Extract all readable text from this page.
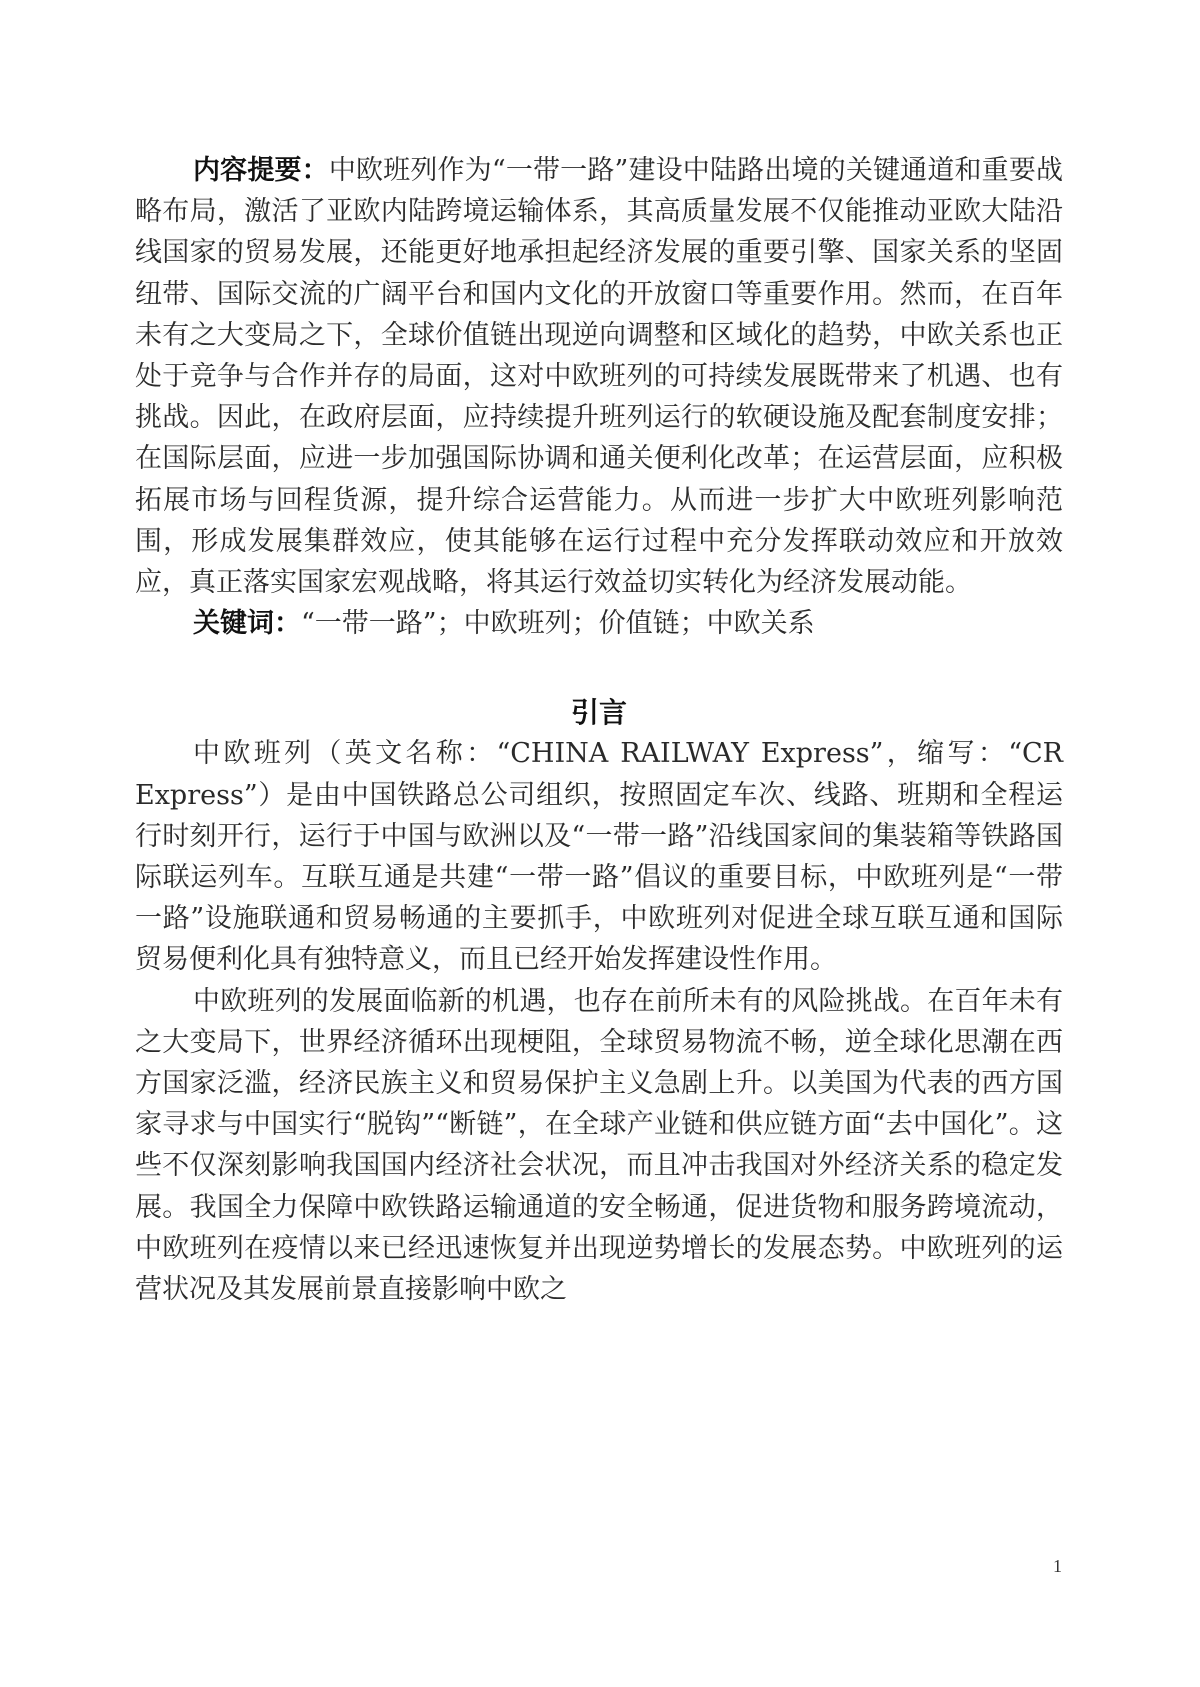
内容提要：中欧班列作为“一带一路”建设中陆路出境的关键通道和重要战略布局，激活了亚欧内陆跨境运输体系，其高质量发展不仅能推动亚欧大陆沿线国家的贸易发展，还能更好地承担起经济发展的重要引擎、国家关系的坚固纽带、国际交流的广阔平台和国内文化的开放窗口等重要作用。然而，在百年未有之大变局之下，全球价值链出现逆向调整和区域化的趋势，中欧关系也正处于竞争与合作并存的局面，这对中欧班列的可持续发展既带来了机遇、也有挑战。因此，在政府层面，应持续提升班列运行的软硬设施及配套制度安排；在国际层面，应进一步加强国际协调和通关便利化改革；在运营层面，应积极拓展市场与回程货源，提升综合运营能力。从而进一步扩大中欧班列影响范围，形成发展集群效应，使其能够在运行过程中充分发挥联动效应和开放效应，真正落实国家宏观战略，将其运行效益切实转化为经济发展动能。

关键词：“一带一路”；中欧班列；价值链；中欧关系

引言

中欧班列（英文名称：“CHINA RAILWAY Express”，缩写：“CR Express”）是由中国铁路总公司组织，按照固定车次、线路、班期和全程运行时刻开行，运行于中国与欧洲以及“一带一路”沿线国家间的集装箱等铁路国际联运列车。互联互通是共建“一带一路”倡议的重要目标，中欧班列是“一带一路”设施联通和贸易畅通的主要抓手，中欧班列对促进全球互联互通和国际贸易便利化具有独特意义，而且已经开始发挥建设性作用。

中欧班列的发展面临新的机遇，也存在前所未有的风险挑战。在百年未有之大变局下，世界经济循环出现梗阻，全球贸易物流不畅，逆全球化思潮在西方国家泛滥，经济民族主义和贸易保护主义急剧上升。以美国为代表的西方国家寻求与中国实行“脱钩”“断链”，在全球产业链和供应链方面“去中国化”。这些不仅深刻影响我国国内经济社会状况，而且冲击我国对外经济关系的稳定发展。我国全力保障中欧铁路运输通道的安全畅通，促进货物和服务跨境流动，中欧班列在疫情以来已经迅速恢复并出现逆势增长的发展态势。中欧班列的运营状况及其发展前景直接影响中欧之

1
